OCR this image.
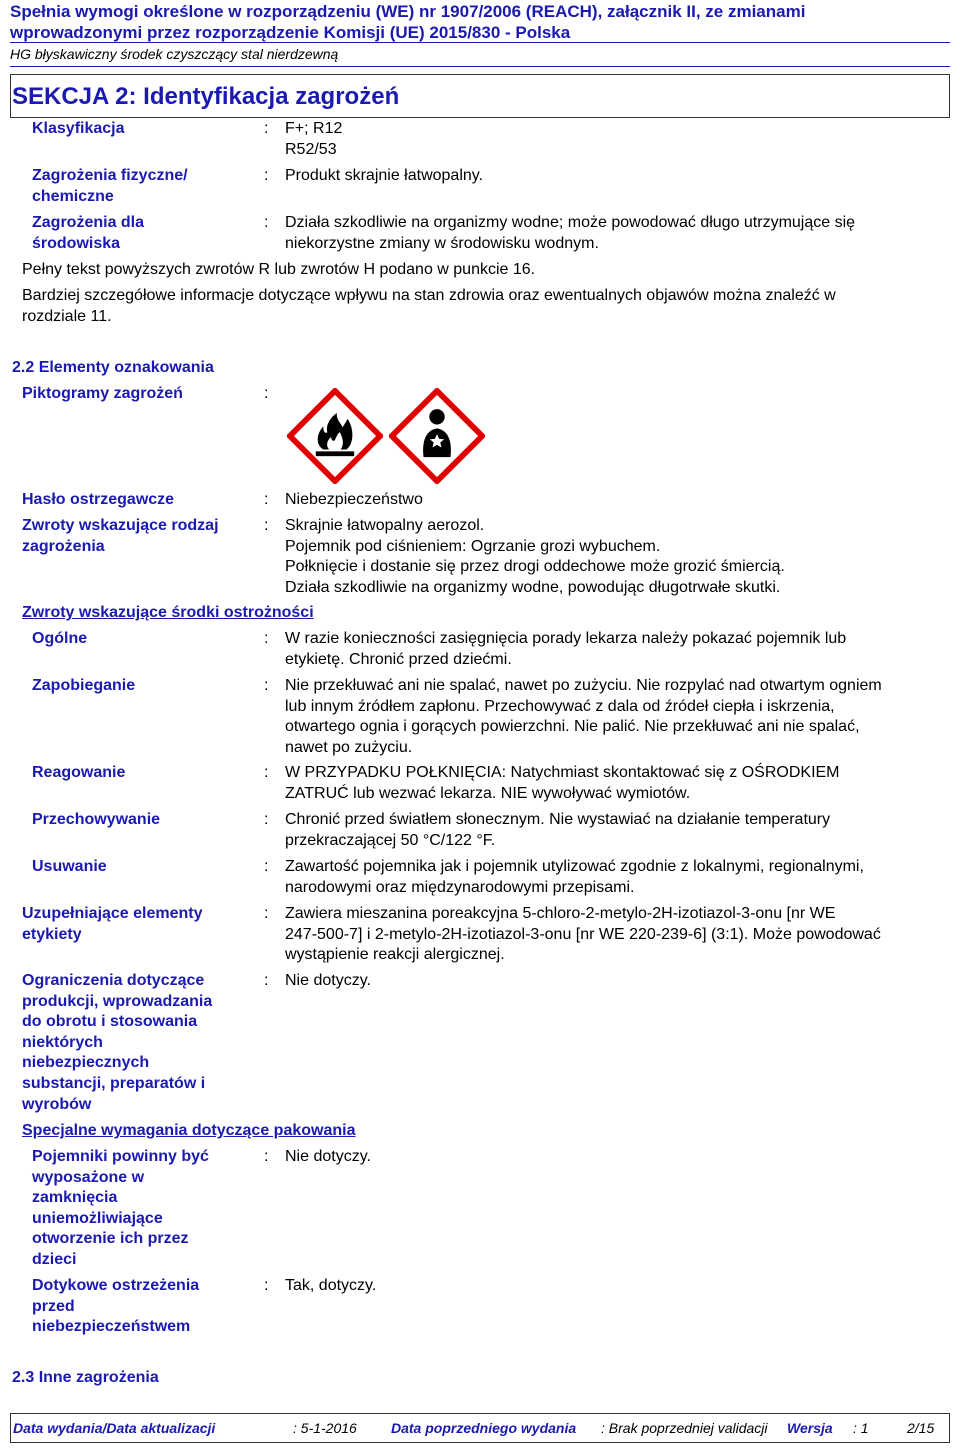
Spełnia wymogi określone w rozporządzeniu (WE) nr 1907/2006 (REACH), załącznik II, ze zmianami
wprowadzonymi przez rozporządzenie Komisji (UE) 2015/830 - Polska
HG błyskawiczny środek czyszczący stal nierdzewną
SEKCJA 2: Identyfikacja zagrożeń
Klasyfikacja	: F+; R12
R52/53
Zagrożenia fizyczne/
chemiczne
: Produkt skrajnie łatwopalny.
Zagrożenia dla
środowiska
: Działa szkodliwie na organizmy wodne; może powodować długo utrzymujące się
niekorzystne zmiany w środowisku wodnym.
Pełny tekst powyższych zwrotów R lub zwrotów H podano w punkcie 16.
Bardziej szczegółowe informacje dotyczące wpływu na stan zdrowia oraz ewentualnych objawów można znaleźć w
rozdziale 11.
2.2 Elementy oznakowania
Piktogramy zagrożeń	:
Hasło ostrzegawcze	: Niebezpieczeństwo
Zwroty wskazujące rodzaj
zagrożenia
: Skrajnie łatwopalny aerozol.
Pojemnik pod ciśnieniem: Ogrzanie grozi wybuchem.
Połknięcie i dostanie się przez drogi oddechowe może grozić śmiercią.
Działa szkodliwie na organizmy wodne, powodując długotrwałe skutki.
Zwroty wskazujące środki ostrożności
Ogólne	: W razie konieczności zasięgnięcia porady lekarza należy pokazać pojemnik lub
etykietę. Chronić przed dziećmi.
Zapobieganie	: Nie przekłuwać ani nie spalać, nawet po zużyciu. Nie rozpylać nad otwartym ogniem
lub innym źródłem zapłonu. Przechowywać z dala od źródeł ciepła i iskrzenia,
otwartego ognia i gorących powierzchni. Nie palić. Nie przekłuwać ani nie spalać,
nawet po zużyciu.
Reagowanie	: W PRZYPADKU POŁKNIĘCIA: Natychmiast skontaktować się z OŚRODKIEM
ZATRUĆ lub wezwać lekarza. NIE wywoływać wymiotów.
Przechowywanie	: Chronić przed światłem słonecznym. Nie wystawiać na działanie temperatury
przekraczającej 50 °C/122 °F.
Usuwanie	: Zawartość pojemnika jak i pojemnik utylizować zgodnie z lokalnymi, regionalnymi,
narodowymi oraz międzynarodowymi przepisami.
Uzupełniające elementy
etykiety
: Zawiera mieszanina poreakcyjna 5-chloro-2-metylo-2H-izotiazol-3-onu [nr WE
247-500-7] i 2-metylo-2H-izotiazol-3-onu [nr WE 220-239-6] (3:1). Może powodować
wystąpienie reakcji alergicznej.
Ograniczenia dotyczące
produkcji, wprowadzania
do obrotu i stosowania
niektórych
niebezpiecznych
substancji, preparatów i
wyrobów
: Nie dotyczy.
Specjalne wymagania dotyczące pakowania
Pojemniki powinny być
wyposażone w
zamknięcia
uniemożliwiające
otworzenie ich przez
dzieci
: Nie dotyczy.
Dotykowe ostrzeżenia
przed
niebezpieczeństwem
: Tak, dotyczy.
2.3 Inne zagrożenia
Data wydania/Data aktualizacji	: 5-1-2016 Data poprzedniego wydania : Brak poprzedniej validacji Wersja : 1	2/15
